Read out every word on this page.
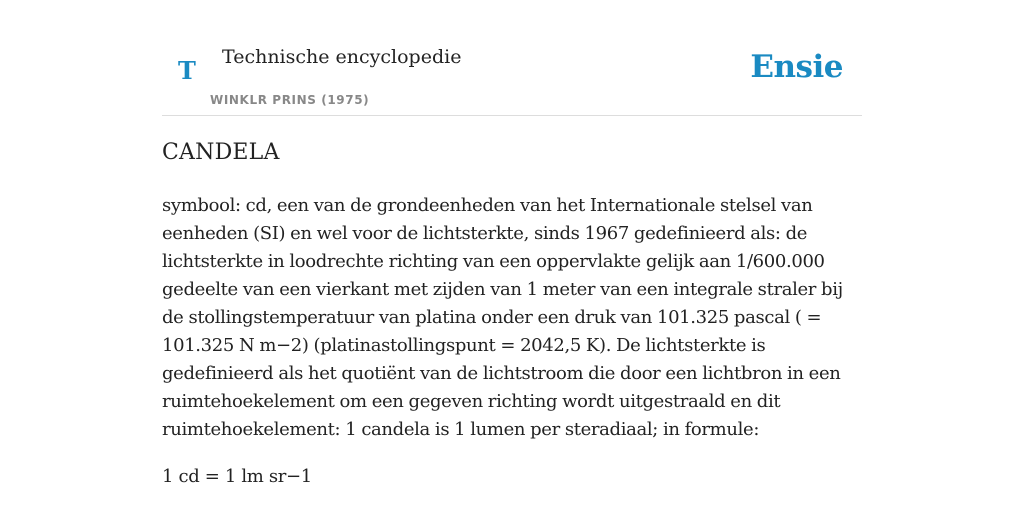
T Technische encyclopedie
WINKLR PRINS (1975)
Ensie
CANDELA

symbool: cd, een van de grondeenheden van het Internationale stelsel van eenheden (SI) en wel voor de lichtsterkte, sinds 1967 gedefinieerd als: de lichtsterkte in loodrechte richting van een oppervlakte gelijk aan 1/600.000 gedeelte van een vierkant met zijden van 1 meter van een integrale straler bij de stollingstemperatuur van platina onder een druk van 101.325 pascal ( = 101.325 N m−2) (platinastollingspunt = 2042,5 K). De lichtsterkte is gedefinieerd als het quotiënt van de lichtstroom die door een lichtbron in een ruimtehoekelement om een gegeven richting wordt uitgestraald en dit ruimtehoekelement: 1 candela is 1 lumen per steradiaal; in formule:

1 cd = 1 lm sr−1
